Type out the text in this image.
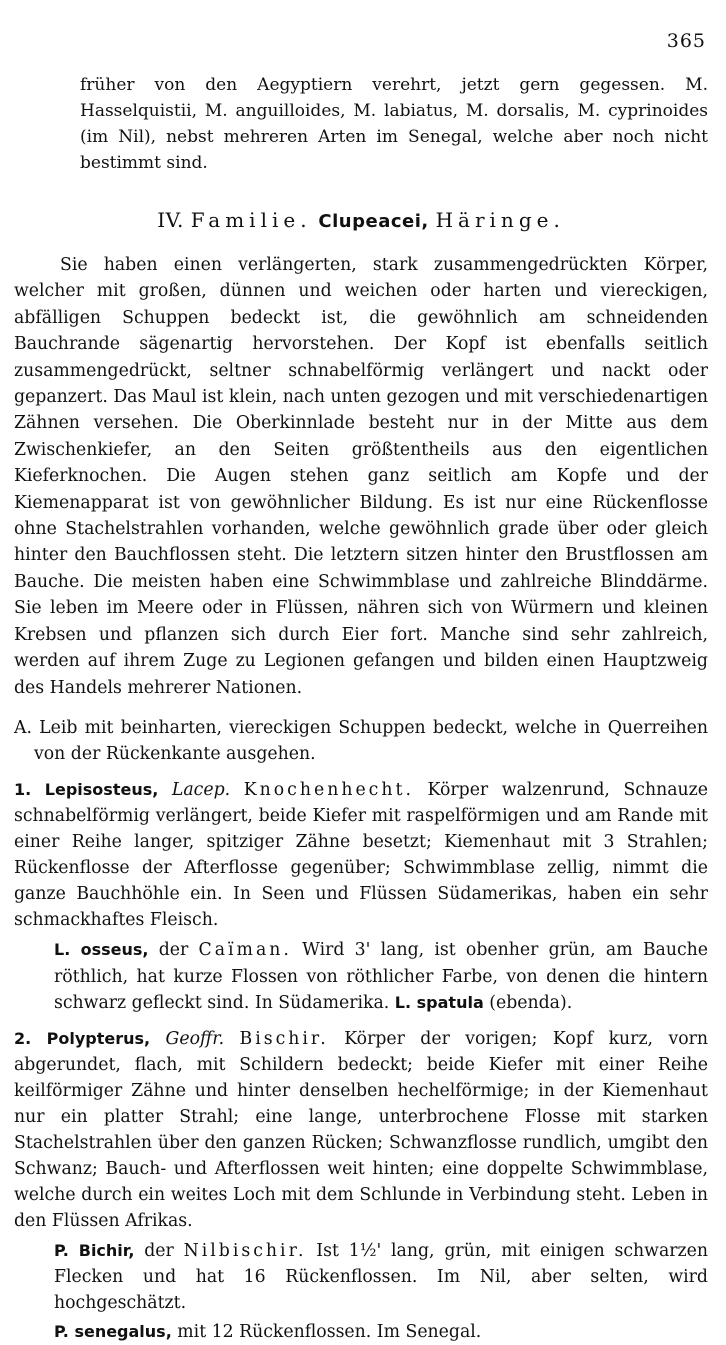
365

früher von den Aegyptiern verehrt, jetzt gern gegessen. M. Hasselquistii, M. anguilloides, M. labiatus, M. dorsalis, M. cyprinoides (im Nil), nebst mehreren Arten im Senegal, welche aber noch nicht bestimmt sind.

IV. Familie. Clupeacei, Häringe.

Sie haben einen verlängerten, stark zusammengedrückten Körper, welcher mit großen, dünnen und weichen oder harten und viereckigen, abfälligen Schuppen bedeckt ist, die gewöhnlich am schneidenden Bauchrande sägenartig hervorstehen. Der Kopf ist ebenfalls seitlich zusammengedrückt, seltner schnabelförmig verlängert und nackt oder gepanzert. Das Maul ist klein, nach unten gezogen und mit verschiedenartigen Zähnen versehen. Die Oberkinnlade besteht nur in der Mitte aus dem Zwischenkiefer, an den Seiten größtentheils aus den eigentlichen Kieferknochen. Die Augen stehen ganz seitlich am Kopfe und der Kiemenapparat ist von gewöhnlicher Bildung. Es ist nur eine Rückenflosse ohne Stachelstrahlen vorhanden, welche gewöhnlich grade über oder gleich hinter den Bauchflossen steht. Die letztern sitzen hinter den Brustflossen am Bauche. Die meisten haben eine Schwimmblase und zahlreiche Blinddärme. Sie leben im Meere oder in Flüssen, nähren sich von Würmern und kleinen Krebsen und pflanzen sich durch Eier fort. Manche sind sehr zahlreich, werden auf ihrem Zuge zu Legionen gefangen und bilden einen Hauptzweig des Handels mehrerer Nationen.

A. Leib mit beinharten, viereckigen Schuppen bedeckt, welche in Querreihen von der Rückenkante ausgehen.

1. Lepisosteus, Lacep. Knochenhecht. Körper walzenrund, Schnauze schnabelförmig verlängert, beide Kiefer mit raspelförmigen und am Rande mit einer Reihe langer, spitziger Zähne besetzt; Kiemenhaut mit 3 Strahlen; Rückenflosse der Afterflosse gegenüber; Schwimmblase zellig, nimmt die ganze Bauchhöhle ein. In Seen und Flüssen Südamerikas, haben ein sehr schmackhaftes Fleisch.

L. osseus, der Caïman. Wird 3' lang, ist obenher grün, am Bauche röthlich, hat kurze Flossen von röthlicher Farbe, von denen die hintern schwarz gefleckt sind. In Südamerika. L. spatula (ebenda).

2. Polypterus, Geoffr. Bischir. Körper der vorigen; Kopf kurz, vorn abgerundet, flach, mit Schildern bedeckt; beide Kiefer mit einer Reihe keilförmiger Zähne und hinter denselben hechelförmige; in der Kiemenhaut nur ein platter Strahl; eine lange, unterbrochene Flosse mit starken Stachelstrahlen über den ganzen Rücken; Schwanzflosse rundlich, umgibt den Schwanz; Bauch- und Afterflossen weit hinten; eine doppelte Schwimmblase, welche durch ein weites Loch mit dem Schlunde in Verbindung steht. Leben in den Flüssen Afrikas.

P. Bichir, der Nilbischir. Ist 1½' lang, grün, mit einigen schwarzen Flecken und hat 16 Rückenflossen. Im Nil, aber selten, wird hochgeschätzt.

P. senegalus, mit 12 Rückenflossen. Im Senegal.
